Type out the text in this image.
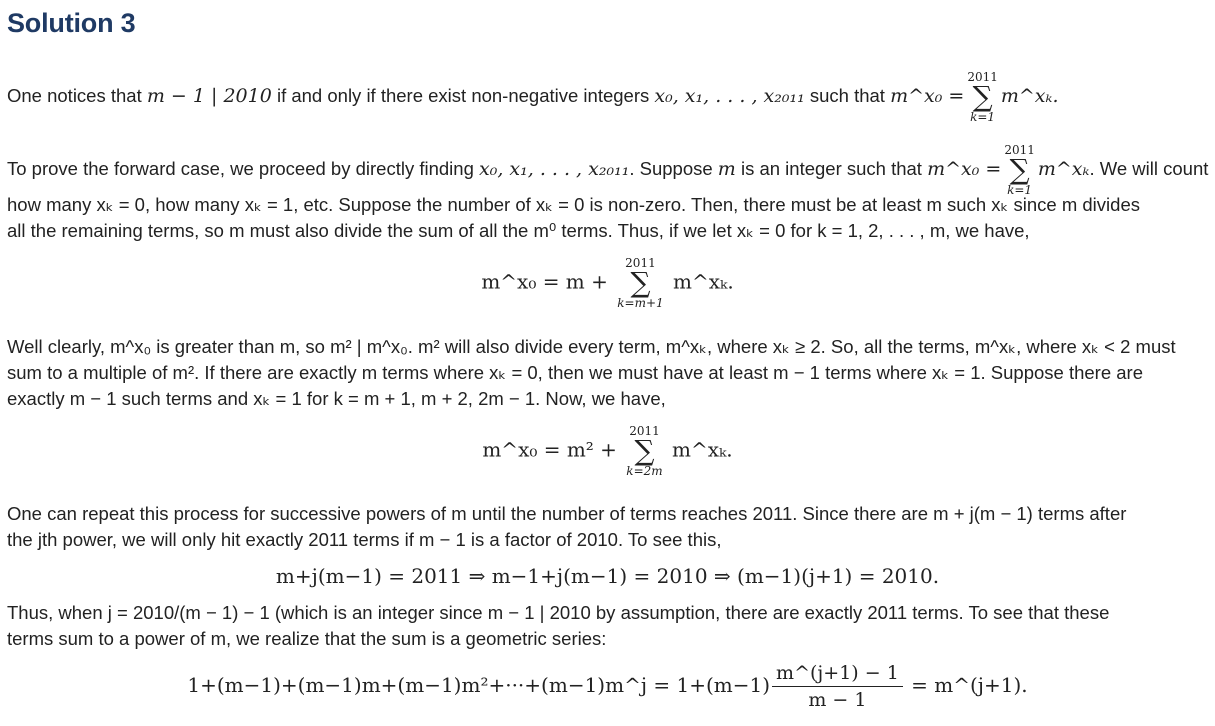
Solution 3
One notices that m − 1 | 2010 if and only if there exist non-negative integers x₀, x₁, . . . , x₂₀₁₁ such that m^x₀ =
2011
∑
k=1
m^xₖ.
To prove the forward case, we proceed by directly finding x₀, x₁, . . . , x₂₀₁₁. Suppose m is an integer such that m^x₀ =
2011
∑
k=1
m^xₖ. We will count
how many xₖ = 0, how many xₖ = 1, etc. Suppose the number of xₖ = 0 is non-zero. Then, there must be at least m such xₖ since m divides
all the remaining terms, so m must also divide the sum of all the m⁰ terms. Thus, if we let xₖ = 0 for k = 1, 2, . . . , m, we have,
m^x₀ = m +
2011
∑
k=m+1
m^xₖ.
Well clearly, m^x₀ is greater than m, so m² | m^x₀. m² will also divide every term, m^xₖ, where xₖ ≥ 2. So, all the terms, m^xₖ, where xₖ < 2 must
sum to a multiple of m². If there are exactly m terms where xₖ = 0, then we must have at least m − 1 terms where xₖ = 1. Suppose there are
exactly m − 1 such terms and xₖ = 1 for k = m + 1, m + 2, 2m − 1. Now, we have,
m^x₀ = m² +
2011
∑
k=2m
m^xₖ.
One can repeat this process for successive powers of m until the number of terms reaches 2011. Since there are m + j(m − 1) terms after
the jth power, we will only hit exactly 2011 terms if m − 1 is a factor of 2010. To see this,
m+j(m−1) = 2011 ⇒ m−1+j(m−1) = 2010 ⇒ (m−1)(j+1) = 2010.
Thus, when j = 2010/(m − 1) − 1 (which is an integer since m − 1 | 2010 by assumption, there are exactly 2011 terms. To see that these
terms sum to a power of m, we realize that the sum is a geometric series:
1+(m−1)+(m−1)m+(m−1)m²+···+(m−1)m^j = $1+(m-1) \frac{m\^{}(j+1) - 1}{m - 1}$ = m^(j+1).
